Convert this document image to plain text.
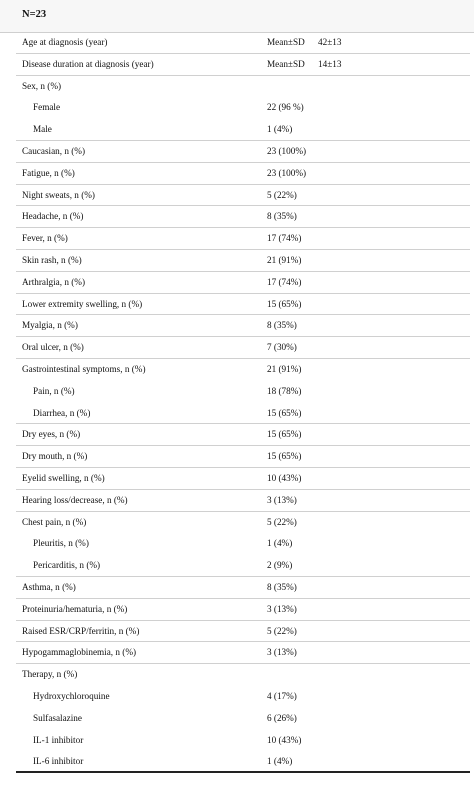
N=23
Age at diagnosis (year)	Mean±SD 42±13
Disease duration at diagnosis (year)	Mean±SD 14±13
Sex, n (%)
Female	22 (96 %)
Male	1 (4%)
Caucasian, n (%)	23 (100%)
Fatigue, n (%)	23 (100%)
Night sweats, n (%)	5 (22%)
Headache, n (%)	8 (35%)
Fever, n (%)	17 (74%)
Skin rash, n (%)	21 (91%)
Arthralgia, n (%)	17 (74%)
Lower extremity swelling, n (%)	15 (65%)
Myalgia, n (%)	8 (35%)
Oral ulcer, n (%)	7 (30%)
Gastrointestinal symptoms, n (%)	21 (91%)
Pain, n (%)	18 (78%)
Diarrhea, n (%)	15 (65%)
Dry eyes, n (%)	15 (65%)
Dry mouth, n (%)	15 (65%)
Eyelid swelling, n (%)	10 (43%)
Hearing loss/decrease, n (%)	3 (13%)
Chest pain, n (%)	5 (22%)
Pleuritis, n (%)	1 (4%)
Pericarditis, n (%)	2 (9%)
Asthma, n (%)	8 (35%)
Proteinuria/hematuria, n (%)	3 (13%)
Raised ESR/CRP/ferritin, n (%)	5 (22%)
Hypogammaglobinemia, n (%)	3 (13%)
Therapy, n (%)
Hydroxychloroquine	4 (17%)
Sulfasalazine	6 (26%)
IL-1 inhibitor	10 (43%)
IL-6 inhibitor	1 (4%)
